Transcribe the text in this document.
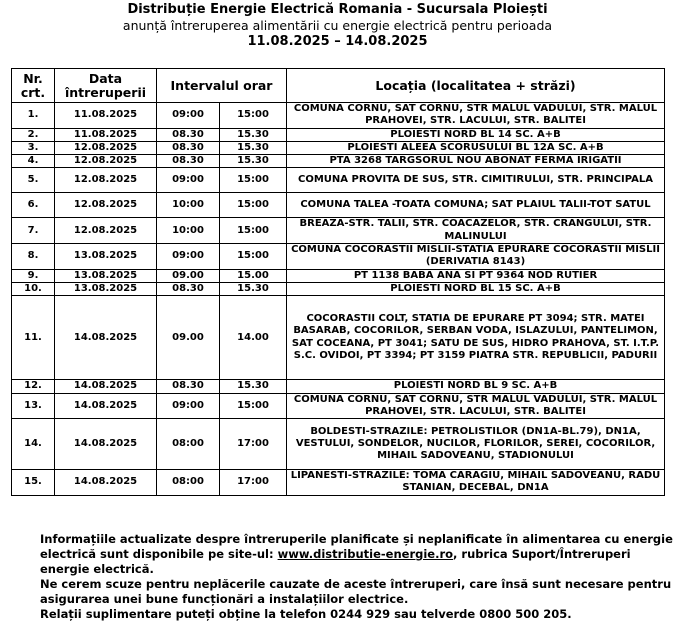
Distribuție Energie Electrică Romania - Sucursala Ploiești
anunță întreruperea alimentării cu energie electrică pentru perioada
11.08.2025 – 14.08.2025
Nr. crt.	Data întreruperii	Intervalul orar		Locația (localitatea + străzi)
1.	11.08.2025	09:00	15:00	COMUNA CORNU, SAT CORNU, STR MALUL VADULUI, STR. MALUL PRAHOVEI, STR. LACULUI, STR. BALITEI
2.	11.08.2025	08.30	15.30	PLOIESTI NORD BL 14 SC. A+B
3.	12.08.2025	08.30	15.30	PLOIESTI ALEEA SCORUSULUI BL 12A SC. A+B
4.	12.08.2025	08.30	15.30	PTA 3268 TARGSORUL NOU ABONAT FERMA IRIGATII
5.	12.08.2025	09:00	15:00	COMUNA PROVITA DE SUS, STR. CIMITIRULUI, STR. PRINCIPALA
6.	12.08.2025	10:00	15:00	COMUNA TALEA -TOATA COMUNA; SAT PLAIUL TALII-TOT SATUL
7.	12.08.2025	10:00	15:00	BREAZA-STR. TALII, STR. COACAZELOR, STR. CRANGULUI, STR. MALINULUI
8.	13.08.2025	09:00	15:00	COMUNA COCORASTII MISLII-STATIA EPURARE COCORASTII MISLII (DERIVATIA 8143)
9.	13.08.2025	09.00	15.00	PT 1138 BABA ANA SI PT 9364 NOD RUTIER
10.	13.08.2025	08.30	15.30	PLOIESTI NORD BL 15 SC. A+B
11.	14.08.2025	09.00	14.00	COCORASTII COLT, STATIA DE EPURARE PT 3094; STR. MATEI BASARAB, COCORILOR, SERBAN VODA, ISLAZULUI, PANTELIMON, SAT COCEANA, PT 3041; SATU DE SUS, HIDRO PRAHOVA, ST. I.T.P. S.C. OVIDOI, PT 3394; PT 3159 PIATRA STR. REPUBLICII, PADURII
12.	14.08.2025	08.30	15.30	PLOIESTI NORD BL 9 SC. A+B
13.	14.08.2025	09:00	15:00	COMUNA CORNU, SAT CORNU, STR MALUL VADULUI, STR. MALUL PRAHOVEI, STR. LACULUI, STR. BALITEI
14.	14.08.2025	08:00	17:00	BOLDESTI-STRAZILE: PETROLISTILOR (DN1A-BL.79), DN1A, VESTULUI, SONDELOR, NUCILOR, FLORILOR, SEREI, COCORILOR, MIHAIL SADOVEANU, STADIONULUI
15.	14.08.2025	08:00	17:00	LIPANESTI-STRAZILE: TOMA CARAGIU, MIHAIL SADOVEANU, RADU STANIAN, DECEBAL, DN1A

Informațiile actualizate despre întreruperile planificate și neplanificate în alimentarea cu energie electrică sunt disponibile pe site-ul: www.distributie-energie.ro, rubrica Suport/Întreruperi energie electrică.

Ne cerem scuze pentru neplăcerile cauzate de aceste întreruperi, care însă sunt necesare pentru asigurarea unei bune funcționări a instalațiilor electrice.

Relații suplimentare puteți obține la telefon 0244 929 sau telverde 0800 500 205.
